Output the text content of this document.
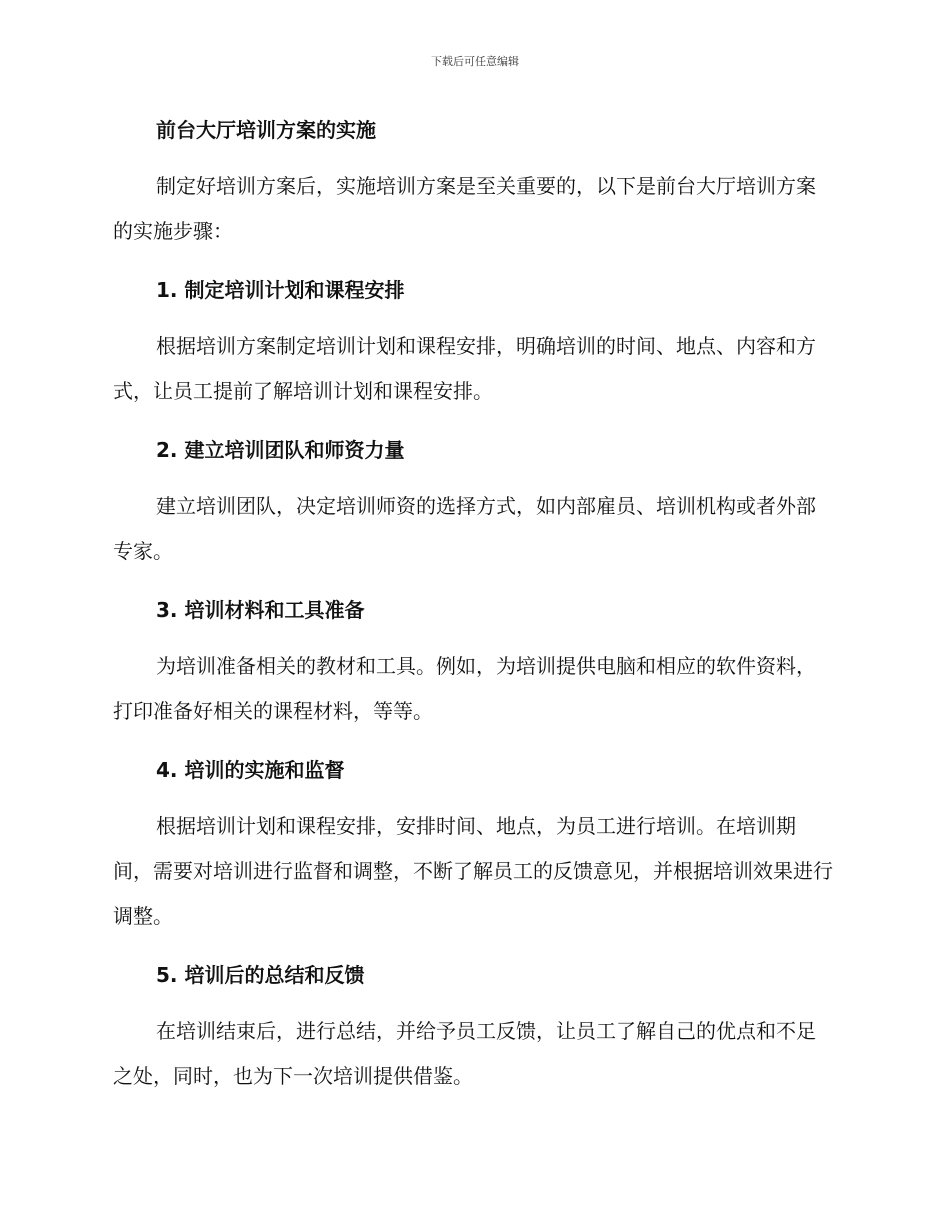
下载后可任意编辑
前台大厅培训方案的实施

制定好培训方案后，实施培训方案是至关重要的，以下是前台大厅培训方案的实施步骤：

1. 制定培训计划和课程安排

根据培训方案制定培训计划和课程安排，明确培训的时间、地点、内容和方式，让员工提前了解培训计划和课程安排。

2. 建立培训团队和师资力量

建立培训团队，决定培训师资的选择方式，如内部雇员、培训机构或者外部专家。

3. 培训材料和工具准备

为培训准备相关的教材和工具。例如，为培训提供电脑和相应的软件资料，打印准备好相关的课程材料，等等。

4. 培训的实施和监督

根据培训计划和课程安排，安排时间、地点，为员工进行培训。在培训期间，需要对培训进行监督和调整，不断了解员工的反馈意见，并根据培训效果进行调整。

5. 培训后的总结和反馈

在培训结束后，进行总结，并给予员工反馈，让员工了解自己的优点和不足之处，同时，也为下一次培训提供借鉴。
